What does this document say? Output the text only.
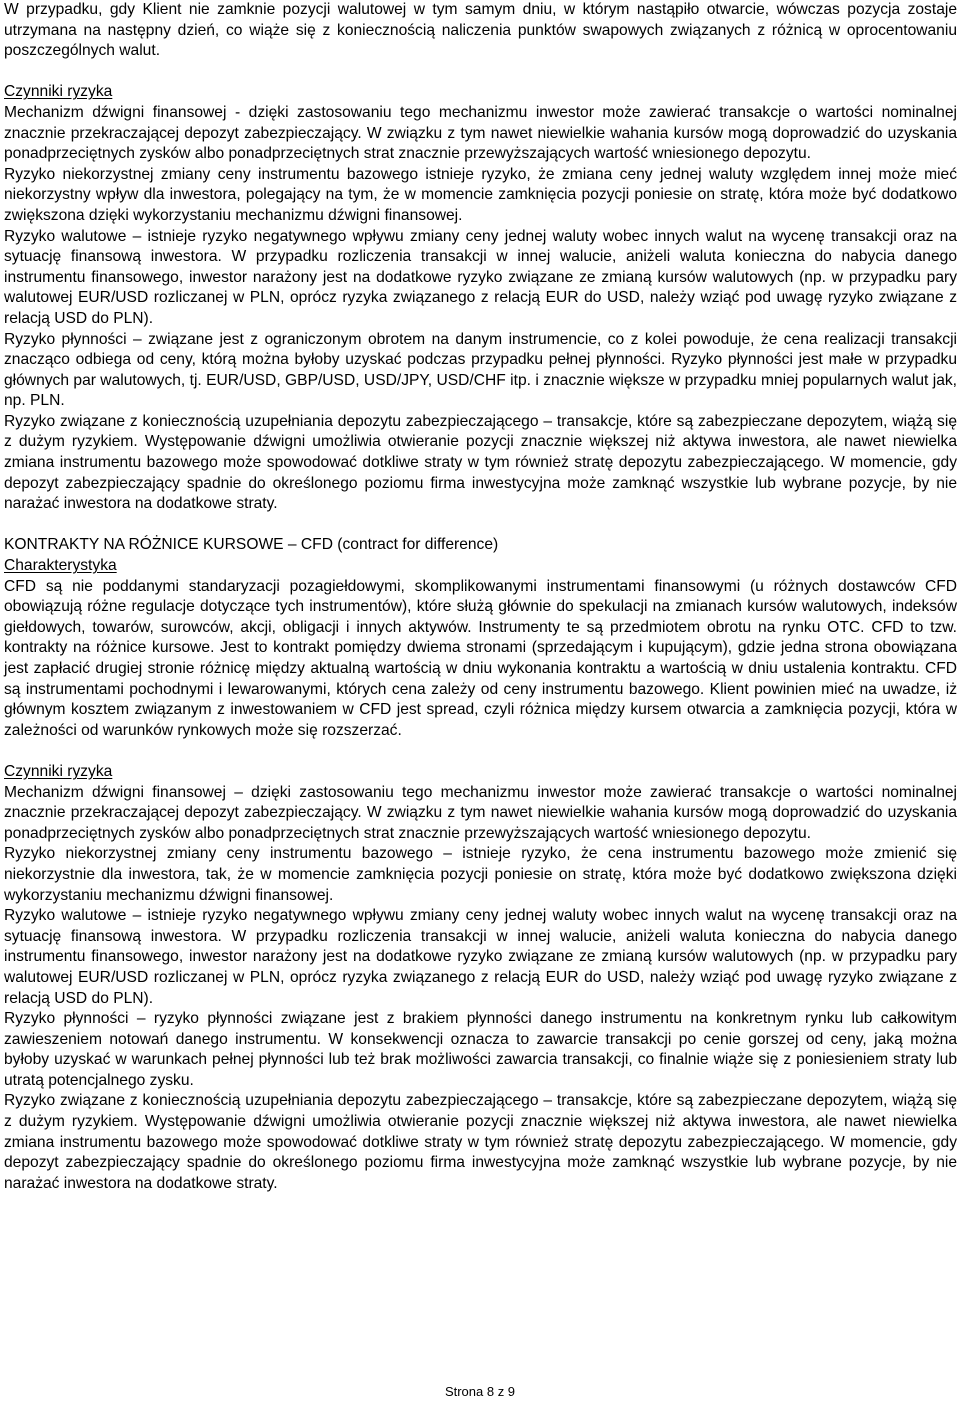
W przypadku, gdy Klient nie zamknie pozycji walutowej w tym samym dniu, w którym nastąpiło otwarcie, wówczas pozycja zostaje utrzymana na następny dzień, co wiąże się z koniecznością naliczenia punktów swapowych związanych z różnicą w oprocentowaniu poszczególnych walut.

Czynniki ryzyka

Mechanizm dźwigni finansowej - dzięki zastosowaniu tego mechanizmu inwestor może zawierać transakcje o wartości nominalnej znacznie przekraczającej depozyt zabezpieczający. W związku z tym nawet niewielkie wahania kursów mogą doprowadzić do uzyskania ponadprzeciętnych zysków albo ponadprzeciętnych strat znacznie przewyższających wartość wniesionego depozytu.

Ryzyko niekorzystnej zmiany ceny instrumentu bazowego istnieje ryzyko, że zmiana ceny jednej waluty względem innej może mieć niekorzystny wpływ dla inwestora, polegający na tym, że w momencie zamknięcia pozycji poniesie on stratę, która może być dodatkowo zwiększona dzięki wykorzystaniu mechanizmu dźwigni finansowej.

Ryzyko walutowe – istnieje ryzyko negatywnego wpływu zmiany ceny jednej waluty wobec innych walut na wycenę transakcji oraz na sytuację finansową inwestora. W przypadku rozliczenia transakcji w innej walucie, aniżeli waluta konieczna do nabycia danego instrumentu finansowego, inwestor narażony jest na dodatkowe ryzyko związane ze zmianą kursów walutowych (np. w przypadku pary walutowej EUR/USD rozliczanej w PLN, oprócz ryzyka związanego z relacją EUR do USD, należy wziąć pod uwagę ryzyko związane z relacją USD do PLN).

Ryzyko płynności – związane jest z ograniczonym obrotem na danym instrumencie, co z kolei powoduje, że cena realizacji transakcji znacząco odbiega od ceny, którą można byłoby uzyskać podczas przypadku pełnej płynności. Ryzyko płynności jest małe w przypadku głównych par walutowych, tj. EUR/USD, GBP/USD, USD/JPY, USD/CHF itp. i znacznie większe w przypadku mniej popularnych walut jak, np. PLN.

Ryzyko związane z koniecznością uzupełniania depozytu zabezpieczającego – transakcje, które są zabezpieczane depozytem, wiążą się z dużym ryzykiem. Występowanie dźwigni umożliwia otwieranie pozycji znacznie większej niż aktywa inwestora, ale nawet niewielka zmiana instrumentu bazowego może spowodować dotkliwe straty w tym również stratę depozytu zabezpieczającego. W momencie, gdy depozyt zabezpieczający spadnie do określonego poziomu firma inwestycyjna może zamknąć wszystkie lub wybrane pozycje, by nie narażać inwestora na dodatkowe straty.

KONTRAKTY NA RÓŻNICE KURSOWE – CFD (contract for difference)

Charakterystyka

CFD są nie poddanymi standaryzacji pozagiełdowymi, skomplikowanymi instrumentami finansowymi (u różnych dostawców CFD obowiązują różne regulacje dotyczące tych instrumentów), które służą głównie do spekulacji na zmianach kursów walutowych, indeksów giełdowych, towarów, surowców, akcji, obligacji i innych aktywów. Instrumenty te są przedmiotem obrotu na rynku OTC. CFD to tzw. kontrakty na różnice kursowe. Jest to kontrakt pomiędzy dwiema stronami (sprzedającym i kupującym), gdzie jedna strona obowiązana jest zapłacić drugiej stronie różnicę między aktualną wartością w dniu wykonania kontraktu a wartością w dniu ustalenia kontraktu. CFD są instrumentami pochodnymi i lewarowanymi, których cena zależy od ceny instrumentu bazowego. Klient powinien mieć na uwadze, iż głównym kosztem związanym z inwestowaniem w CFD jest spread, czyli różnica między kursem otwarcia a zamknięcia pozycji, która w zależności od warunków rynkowych może się rozszerzać.

Czynniki ryzyka

Mechanizm dźwigni finansowej – dzięki zastosowaniu tego mechanizmu inwestor może zawierać transakcje o wartości nominalnej znacznie przekraczającej depozyt zabezpieczający. W związku z tym nawet niewielkie wahania kursów mogą doprowadzić do uzyskania ponadprzeciętnych zysków albo ponadprzeciętnych strat znacznie przewyższających wartość wniesionego depozytu.

Ryzyko niekorzystnej zmiany ceny instrumentu bazowego – istnieje ryzyko, że cena instrumentu bazowego może zmienić się niekorzystnie dla inwestora, tak, że w momencie zamknięcia pozycji poniesie on stratę, która może być dodatkowo zwiększona dzięki wykorzystaniu mechanizmu dźwigni finansowej.

Ryzyko walutowe – istnieje ryzyko negatywnego wpływu zmiany ceny jednej waluty wobec innych walut na wycenę transakcji oraz na sytuację finansową inwestora. W przypadku rozliczenia transakcji w innej walucie, aniżeli waluta konieczna do nabycia danego instrumentu finansowego, inwestor narażony jest na dodatkowe ryzyko związane ze zmianą kursów walutowych (np. w przypadku pary walutowej EUR/USD rozliczanej w PLN, oprócz ryzyka związanego z relacją EUR do USD, należy wziąć pod uwagę ryzyko związane z relacją USD do PLN).

Ryzyko płynności – ryzyko płynności związane jest z brakiem płynności danego instrumentu na konkretnym rynku lub całkowitym zawieszeniem notowań danego instrumentu. W konsekwencji oznacza to zawarcie transakcji po cenie gorszej od ceny, jaką można byłoby uzyskać w warunkach pełnej płynności lub też brak możliwości zawarcia transakcji, co finalnie wiąże się z poniesieniem straty lub utratą potencjalnego zysku.

Ryzyko związane z koniecznością uzupełniania depozytu zabezpieczającego – transakcje, które są zabezpieczane depozytem, wiążą się z dużym ryzykiem. Występowanie dźwigni umożliwia otwieranie pozycji znacznie większej niż aktywa inwestora, ale nawet niewielka zmiana instrumentu bazowego może spowodować dotkliwe straty w tym również stratę depozytu zabezpieczającego. W momencie, gdy depozyt zabezpieczający spadnie do określonego poziomu firma inwestycyjna może zamknąć wszystkie lub wybrane pozycje, by nie narażać inwestora na dodatkowe straty.

Strona 8 z 9
